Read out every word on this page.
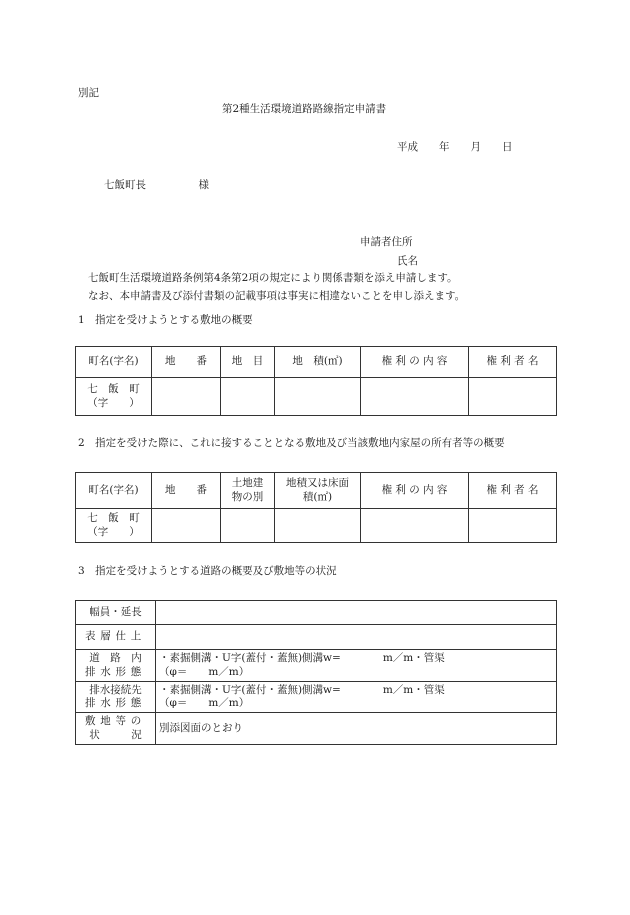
別記
第2種生活環境道路路線指定申請書
平成　　年　　月　　日
七飯町長　　　　　様
申請者住所
氏名
七飯町生活環境道路条例第4条第2項の規定により関係書類を添え申請します。
なお、本申請書及び添付書類の記載事項は事実に相違ないことを申し添えます。
1　指定を受けようとする敷地の概要
町名(字名)	地　　番	地　目	地　積(㎡)	権 利 の 内 容	権 利 者 名

七　飯　町
（字　　）					

2　指定を受けた際に、これに接することとなる敷地及び当該敷地内家屋の所有者等の概要
町名(字名)	地　　番	土地建物の別	地積又は床面　積(㎡)	権 利 の 内 容	権 利 者 名

七　飯　町
（字　　）					

3　指定を受けようとする道路の概要及び敷地等の状況
幅員・延長	
表層仕上	

道　路　内
排水形態	・素掘側溝・U字(蓋付・蓋無)側溝w=　　　　m／m・管渠
（φ＝　　m／m）

排水接続先
排水形態	・素掘側溝・U字(蓋付・蓋無)側溝w=　　　　m／m・管渠
（φ＝　　m／m）

敷地等の
状　　　況	別添図面のとおり
